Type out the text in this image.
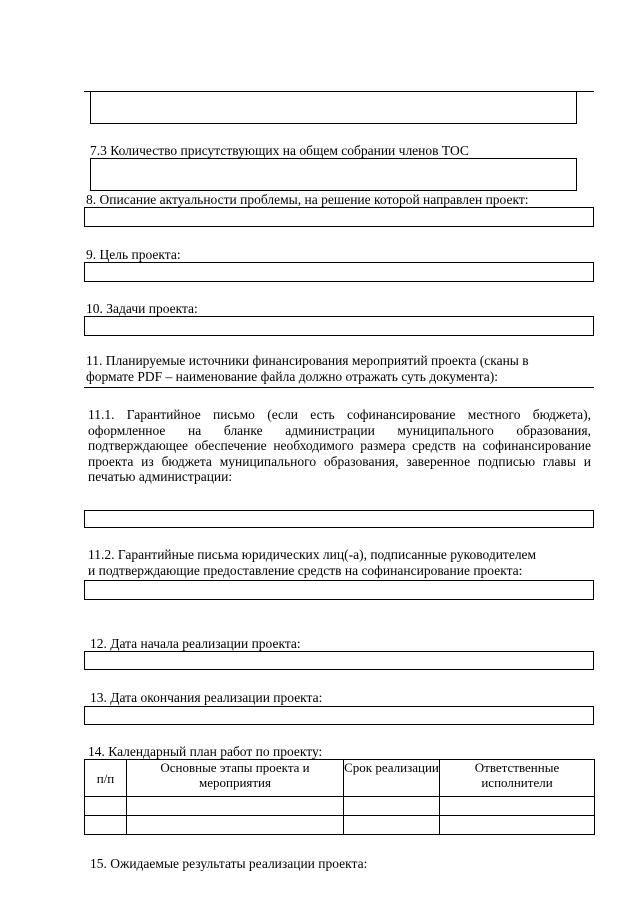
7.3 Количество присутствующих на общем собрании членов ТОС
8. Описание актуальности проблемы, на решение которой направлен проект:
9. Цель проекта:
10. Задачи проекта:
11. Планируемые источники финансирования мероприятий проекта (сканы в
формате PDF – наименование файла должно отражать суть документа):
11.1. Гарантийное письмо (если есть софинансирование местного бюджета), оформленное на бланке администрации муниципального образования, подтверждающее обеспечение необходимого размера средств на софинансирование проекта из бюджета муниципального образования, заверенное подписью главы и печатью администрации:
11.2. Гарантийные письма юридических лиц(-а), подписанные руководителем
и подтверждающие предоставление средств на софинансирование проекта:
12. Дата начала реализации проекта:
13. Дата окончания реализации проекта:
14. Календарный план работ по проекту:
п/п	Основные этапы проекта и мероприятия	Срок реализации	Ответственные исполнители

15. Ожидаемые результаты реализации проекта:
